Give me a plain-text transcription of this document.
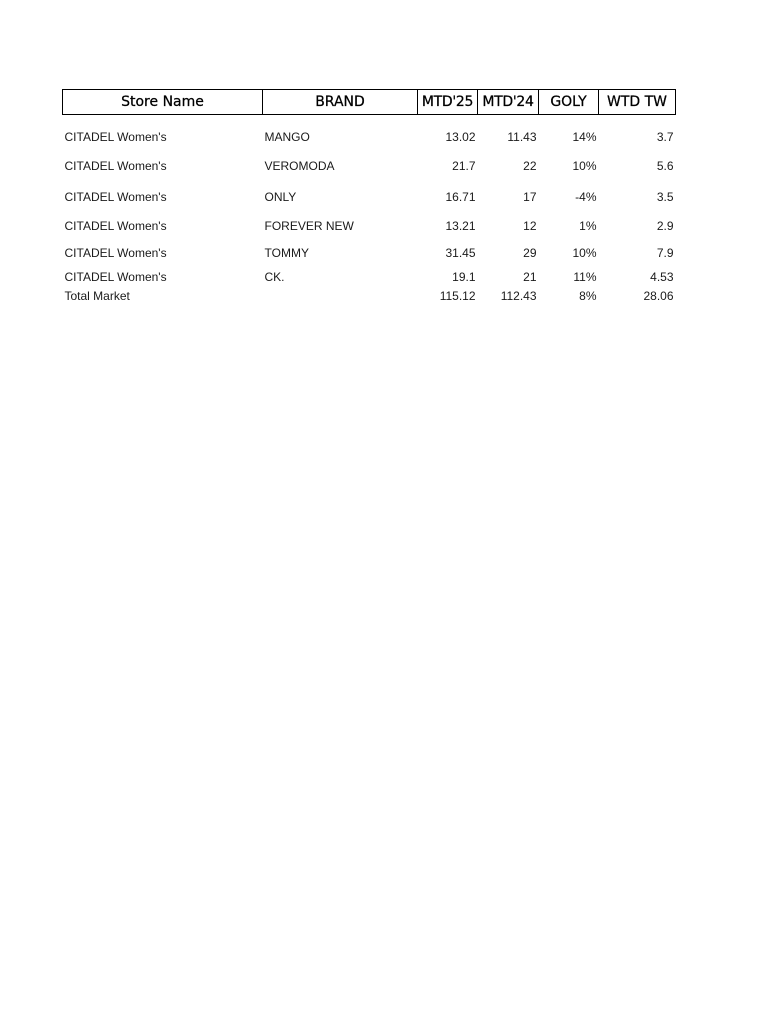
Store Name	BRAND	MTD'25	MTD'24	GOLY	WTD TW

CITADEL Women's	MANGO	13.02	11.43	14%	3.7
CITADEL Women's	VEROMODA	21.7	22	10%	5.6
CITADEL Women's	ONLY	16.71	17	-4%	3.5
CITADEL Women's	FOREVER NEW	13.21	12	1%	2.9
CITADEL Women's	TOMMY	31.45	29	10%	7.9
CITADEL Women's	CK.	19.1	21	11%	4.53
Total Market		115.12	112.43	8%	28.06
